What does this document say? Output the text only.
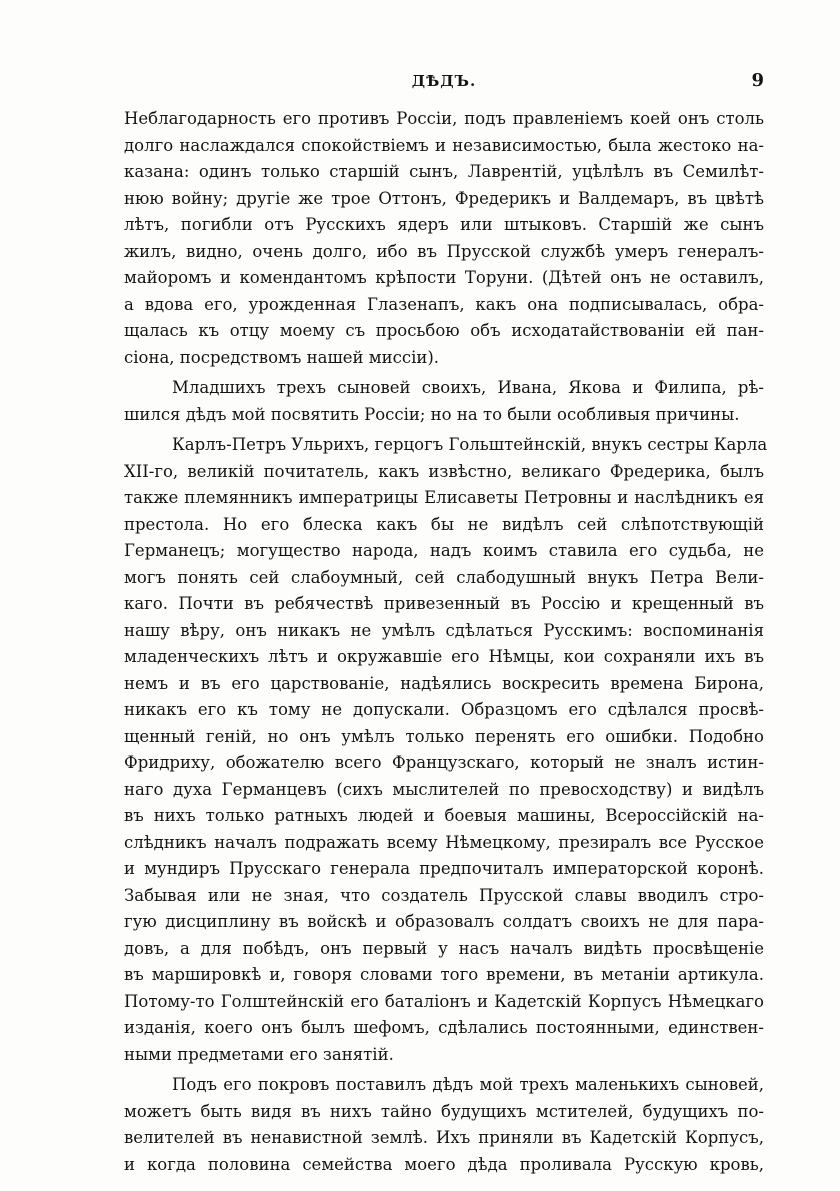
ДѢДЪ.	9

Неблагодарность его противъ Россіи, подъ правленіемъ коей онъ столь
долго наслаждался спокойствіемъ и независимостью, была жестоко на-
казана: одинъ только старшій сынъ, Лаврентій, уцѣлѣлъ въ Семилѣт-
нюю войну; другіе же трое Оттонъ, Фредерикъ и Валдемаръ, въ цвѣтѣ
лѣтъ, погибли отъ Русскихъ ядеръ или штыковъ. Старшій же сынъ
жилъ, видно, очень долго, ибо въ Прусской службѣ умеръ генералъ-
майоромъ и комендантомъ крѣпости Торуни. (Дѣтей онъ не оставилъ,
а вдова его, урожденная Глазенапъ, какъ она подписывалась, обра-
щалась къ отцу моему съ просьбою объ исходатайствованіи ей пан-
сіона, посредствомъ нашей миссіи).

Младшихъ трехъ сыновей своихъ, Ивана, Якова и Филипа, рѣ-
шился дѣдъ мой посвятить Россіи; но на то были особливыя причины.

Карлъ-Петръ Ульрихъ, герцогъ Гольштейнскій, внукъ сестры Карла
XII-го, великій почитатель, какъ извѣстно, великаго Фредерика, былъ
также племянникъ императрицы Елисаветы Петровны и наслѣдникъ ея
престола. Но его блеска какъ бы не видѣлъ сей слѣпотствующій
Германецъ; могущество народа, надъ коимъ ставила его судьба, не
могъ понять сей слабоумный, сей слабодушный внукъ Петра Вели-
каго. Почти въ ребячествѣ привезенный въ Россію и крещенный въ
нашу вѣру, онъ никакъ не умѣлъ сдѣлаться Русскимъ: воспоминанія
младенческихъ лѣтъ и окружавшіе его Нѣмцы, кои сохраняли ихъ въ
немъ и въ его царствованіе, надѣялись воскресить времена Бирона,
никакъ его къ тому не допускали. Образцомъ его сдѣлался просвѣ-
щенный геній, но онъ умѣлъ только перенять его ошибки. Подобно
Фридриху, обожателю всего Французскаго, который не зналъ истин-
наго духа Германцевъ (сихъ мыслителей по превосходству) и видѣлъ
въ нихъ только ратныхъ людей и боевыя машины, Всероссійскій на-
слѣдникъ началъ подражать всему Нѣмецкому, презиралъ все Русское
и мундиръ Прусскаго генерала предпочиталъ императорской коронѣ.
Забывая или не зная, что создатель Прусской славы вводилъ стро-
гую дисциплину въ войскѣ и образовалъ солдатъ своихъ не для пара-
довъ, а для побѣдъ, онъ первый у насъ началъ видѣть просвѣщеніе
въ маршировкѣ и, говоря словами того времени, въ метаніи артикула.
Потому-то Голштейнскій его баталіонъ и Кадетскій Корпусъ Нѣмецкаго
изданія, коего онъ былъ шефомъ, сдѣлались постоянными, единствен-
ными предметами его занятій.

Подъ его покровъ поставилъ дѣдъ мой трехъ маленькихъ сыновей,
можетъ быть видя въ нихъ тайно будущихъ мстителей, будущихъ по-
велителей въ ненавистной землѣ. Ихъ приняли въ Кадетскій Корпусъ,
и когда половина семейства моего дѣда проливала Русскую кровь,
